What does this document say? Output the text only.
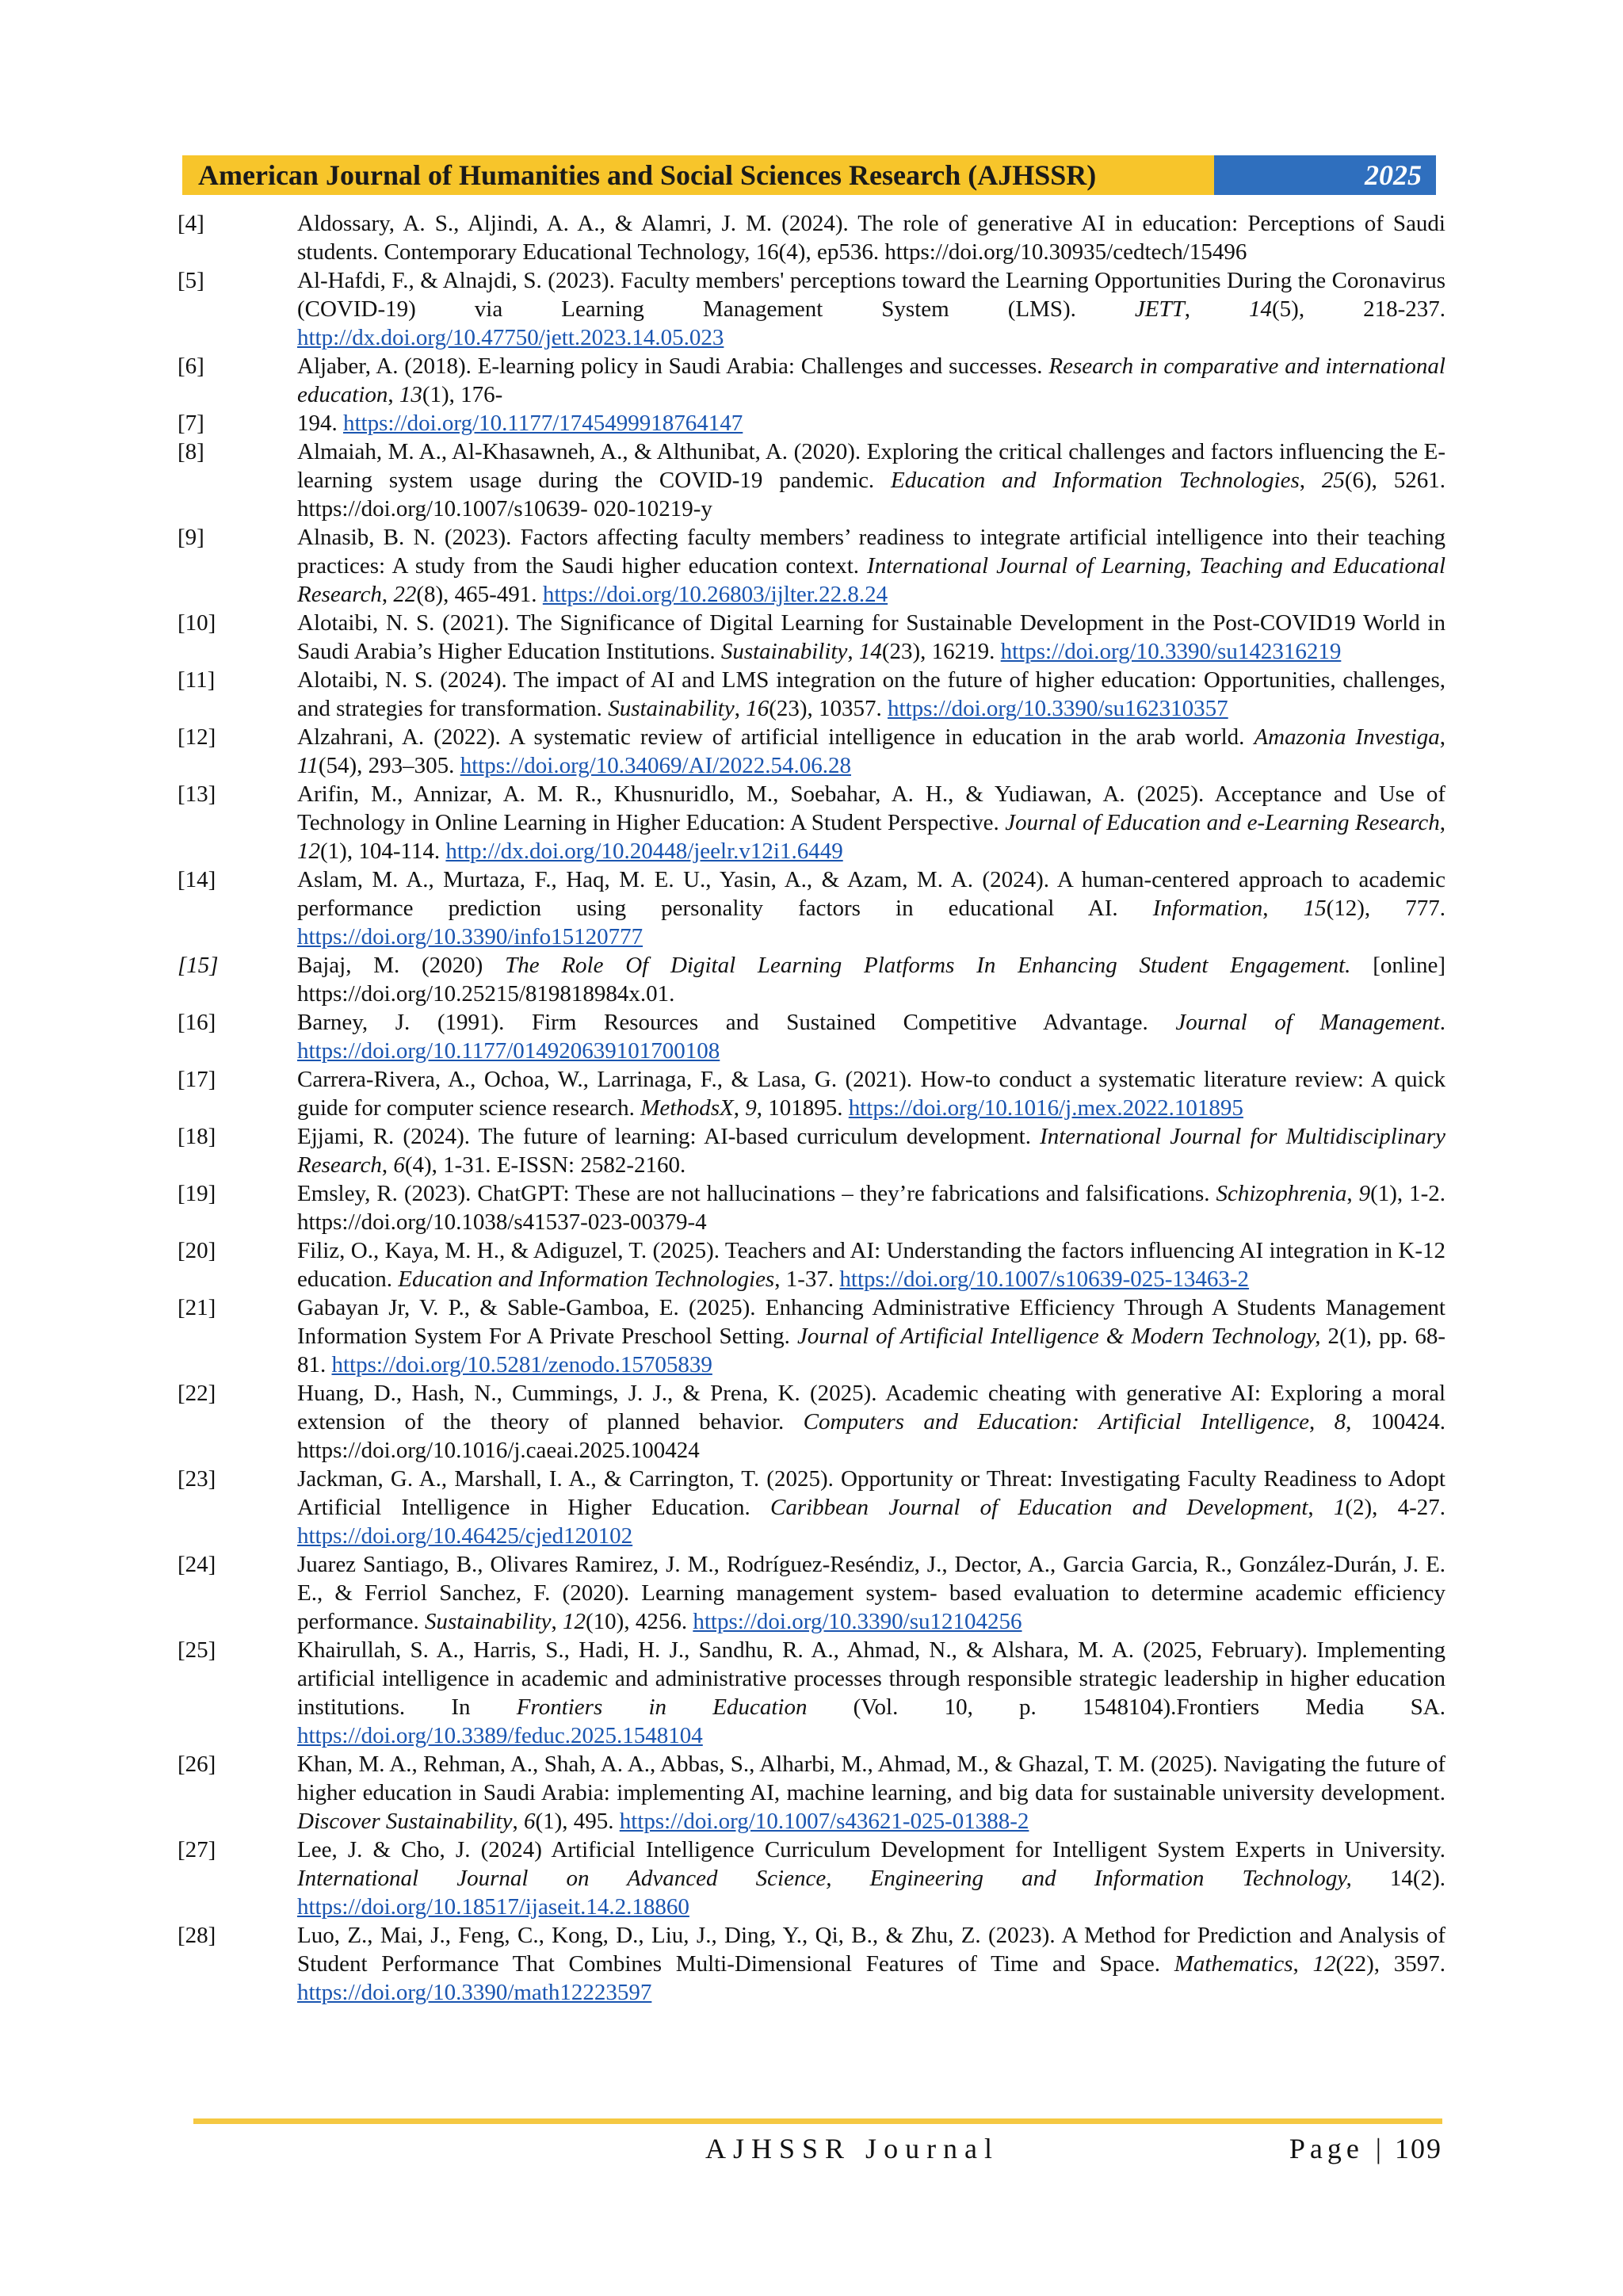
American Journal of Humanities and Social Sciences Research (AJHSSR)	2025
[4]	Aldossary, A. S., Aljindi, A. A., & Alamri, J. M. (2024). The role of generative AI in education: Perceptions of Saudi students. Contemporary Educational Technology, 16(4), ep536. https://doi.org/10.30935/cedtech/15496
[5]	Al-Hafdi, F., & Alnajdi, S. (2023). Faculty members' perceptions toward the Learning Opportunities During the Coronavirus (COVID-19) via Learning Management System (LMS). JETT, 14(5), 218-237. http://dx.doi.org/10.47750/jett.2023.14.05.023
[6]	Aljaber, A. (2018). E-learning policy in Saudi Arabia: Challenges and successes. Research in comparative and international education, 13(1), 176-
[7]	194. https://doi.org/10.1177/1745499918764147
[8]	Almaiah, M. A., Al-Khasawneh, A., & Althunibat, A. (2020). Exploring the critical challenges and factors influencing the E-learning system usage during the COVID-19 pandemic. Education and Information Technologies, 25(6), 5261. https://doi.org/10.1007/s10639- 020-10219-y
[9]	Alnasib, B. N. (2023). Factors affecting faculty members’ readiness to integrate artificial intelligence into their teaching practices: A study from the Saudi higher education context. International Journal of Learning, Teaching and Educational Research, 22(8), 465-491. https://doi.org/10.26803/ijlter.22.8.24
[10]	Alotaibi, N. S. (2021). The Significance of Digital Learning for Sustainable Development in the Post-COVID19 World in Saudi Arabia’s Higher Education Institutions. Sustainability, 14(23), 16219. https://doi.org/10.3390/su142316219
[11]	Alotaibi, N. S. (2024). The impact of AI and LMS integration on the future of higher education: Opportunities, challenges, and strategies for transformation. Sustainability, 16(23), 10357. https://doi.org/10.3390/su162310357
[12]	Alzahrani, A. (2022). A systematic review of artificial intelligence in education in the arab world. Amazonia Investiga, 11(54), 293–305. https://doi.org/10.34069/AI/2022.54.06.28
[13]	Arifin, M., Annizar, A. M. R., Khusnuridlo, M., Soebahar, A. H., & Yudiawan, A. (2025). Acceptance and Use of Technology in Online Learning in Higher Education: A Student Perspective. Journal of Education and e-Learning Research, 12(1), 104-114. http://dx.doi.org/10.20448/jeelr.v12i1.6449
[14]	Aslam, M. A., Murtaza, F., Haq, M. E. U., Yasin, A., & Azam, M. A. (2024). A human-centered approach to academic performance prediction using personality factors in educational AI. Information, 15(12), 777. https://doi.org/10.3390/info15120777
[15]	Bajaj, M. (2020) The Role Of Digital Learning Platforms In Enhancing Student Engagement. [online] https://doi.org/10.25215/819818984x.01.
[16]	Barney, J. (1991). Firm Resources and Sustained Competitive Advantage. Journal of Management. https://doi.org/10.1177/014920639101700108
[17]	Carrera-Rivera, A., Ochoa, W., Larrinaga, F., & Lasa, G. (2021). How-to conduct a systematic literature review: A quick guide for computer science research. MethodsX, 9, 101895. https://doi.org/10.1016/j.mex.2022.101895
[18]	Ejjami, R. (2024). The future of learning: AI-based curriculum development. International Journal for Multidisciplinary Research, 6(4), 1-31. E-ISSN: 2582-2160.
[19]	Emsley, R. (2023). ChatGPT: These are not hallucinations – they’re fabrications and falsifications. Schizophrenia, 9(1), 1-2. https://doi.org/10.1038/s41537-023-00379-4
[20]	Filiz, O., Kaya, M. H., & Adiguzel, T. (2025). Teachers and AI: Understanding the factors influencing AI integration in K-12 education. Education and Information Technologies, 1-37. https://doi.org/10.1007/s10639-025-13463-2
[21]	Gabayan Jr, V. P., & Sable-Gamboa, E. (2025). Enhancing Administrative Efficiency Through A Students Management Information System For A Private Preschool Setting. Journal of Artificial Intelligence & Modern Technology, 2(1), pp. 68-81. https://doi.org/10.5281/zenodo.15705839
[22]	Huang, D., Hash, N., Cummings, J. J., & Prena, K. (2025). Academic cheating with generative AI: Exploring a moral extension of the theory of planned behavior. Computers and Education: Artificial Intelligence, 8, 100424. https://doi.org/10.1016/j.caeai.2025.100424
[23]	Jackman, G. A., Marshall, I. A., & Carrington, T. (2025). Opportunity or Threat: Investigating Faculty Readiness to Adopt Artificial Intelligence in Higher Education. Caribbean Journal of Education and Development, 1(2), 4-27. https://doi.org/10.46425/cjed120102
[24]	Juarez Santiago, B., Olivares Ramirez, J. M., Rodríguez-Reséndiz, J., Dector, A., Garcia Garcia, R., González-Durán, J. E. E., & Ferriol Sanchez, F. (2020). Learning management system- based evaluation to determine academic efficiency performance. Sustainability, 12(10), 4256. https://doi.org/10.3390/su12104256
[25]	Khairullah, S. A., Harris, S., Hadi, H. J., Sandhu, R. A., Ahmad, N., & Alshara, M. A. (2025, February). Implementing artificial intelligence in academic and administrative processes through responsible strategic leadership in higher education institutions. In Frontiers in Education (Vol. 10, p. 1548104).Frontiers Media SA. https://doi.org/10.3389/feduc.2025.1548104
[26]	Khan, M. A., Rehman, A., Shah, A. A., Abbas, S., Alharbi, M., Ahmad, M., & Ghazal, T. M. (2025). Navigating the future of higher education in Saudi Arabia: implementing AI, machine learning, and big data for sustainable university development. Discover Sustainability, 6(1), 495. https://doi.org/10.1007/s43621-025-01388-2
[27]	Lee, J. & Cho, J. (2024) Artificial Intelligence Curriculum Development for Intelligent System Experts in University. International Journal on Advanced Science, Engineering and Information Technology, 14(2). https://doi.org/10.18517/ijaseit.14.2.18860
[28]	Luo, Z., Mai, J., Feng, C., Kong, D., Liu, J., Ding, Y., Qi, B., & Zhu, Z. (2023). A Method for Prediction and Analysis of Student Performance That Combines Multi-Dimensional Features of Time and Space. Mathematics, 12(22), 3597. https://doi.org/10.3390/math12223597
AJHSSR Journal	Page | 109
